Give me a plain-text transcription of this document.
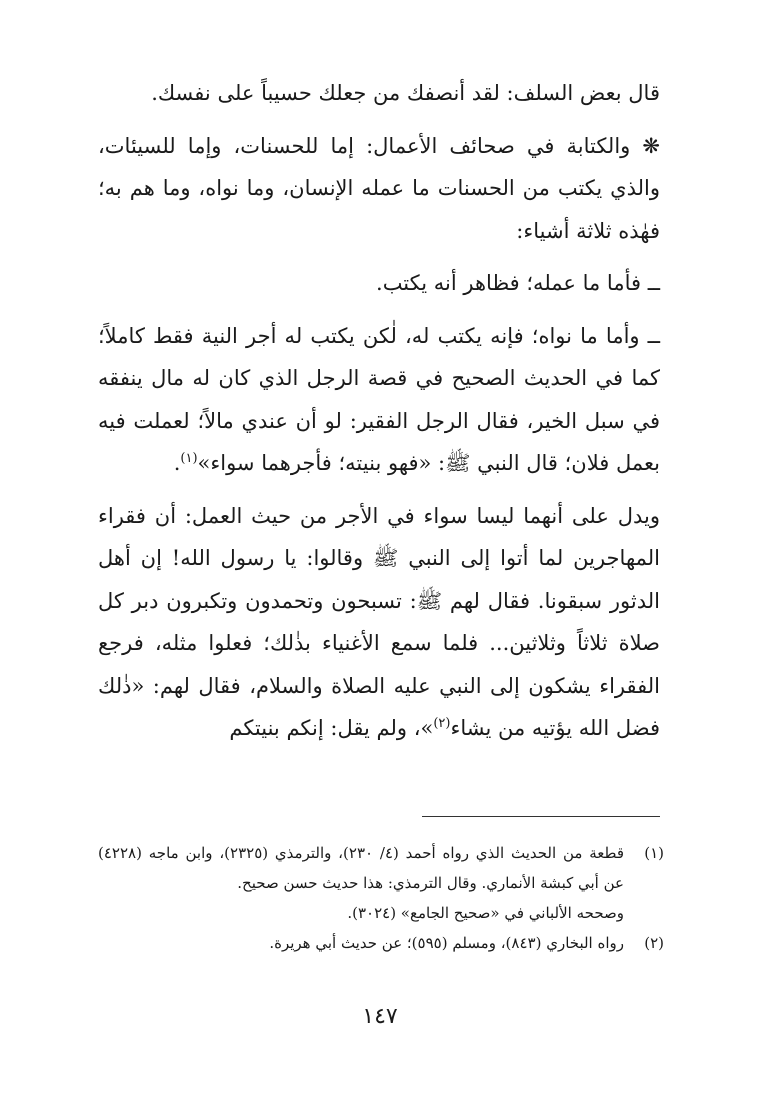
قال بعض السلف: لقد أنصفك من جعلك حسيباً على نفسك.

❋ والكتابة في صحائف الأعمال: إما للحسنات، وإما للسيئات، والذي يكتب من الحسنات ما عمله الإنسان، وما نواه، وما هم به؛ فهٰذه ثلاثة أشياء:

ــ فأما ما عمله؛ فظاهر أنه يكتب.

ــ وأما ما نواه؛ فإنه يكتب له، لٰكن يكتب له أجر النية فقط كاملاً؛ كما في الحديث الصحيح في قصة الرجل الذي كان له مال ينفقه في سبل الخير، فقال الرجل الفقير: لو أن عندي مالاً؛ لعملت فيه بعمل فلان؛ قال النبي ﷺ: «فهو بنيته؛ فأجرهما سواء»$^{(١)}$.

ويدل على أنهما ليسا سواء في الأجر من حيث العمل: أن فقراء المهاجرين لما أتوا إلى النبي ﷺ وقالوا: يا رسول الله! إن أهل الدثور سبقونا. فقال لهم ﷺ: تسبحون وتحمدون وتكبرون دبر كل صلاة ثلاثاً وثلاثين... فلما سمع الأغنياء بذٰلك؛ فعلوا مثله، فرجع الفقراء يشكون إلى النبي عليه الصلاة والسلام، فقال لهم: «ذٰلك فضل الله يؤتيه من يشاء$^{(٢)}$»، ولم يقل: إنكم بنيتكم

(١)
قطعة من الحديث الذي رواه أحمد (٤/ ٢٣٠)، والترمذي (٢٣٢٥)، وابن ماجه (٤٢٢٨) عن أبي كبشة الأنماري. وقال الترمذي: هذا حديث حسن صحيح.

وصححه الألباني في «صحيح الجامع» (٣٠٢٤).

(٢)
رواه البخاري (٨٤٣)، ومسلم (٥٩٥)؛ عن حديث أبي هريرة.

١٤٧
